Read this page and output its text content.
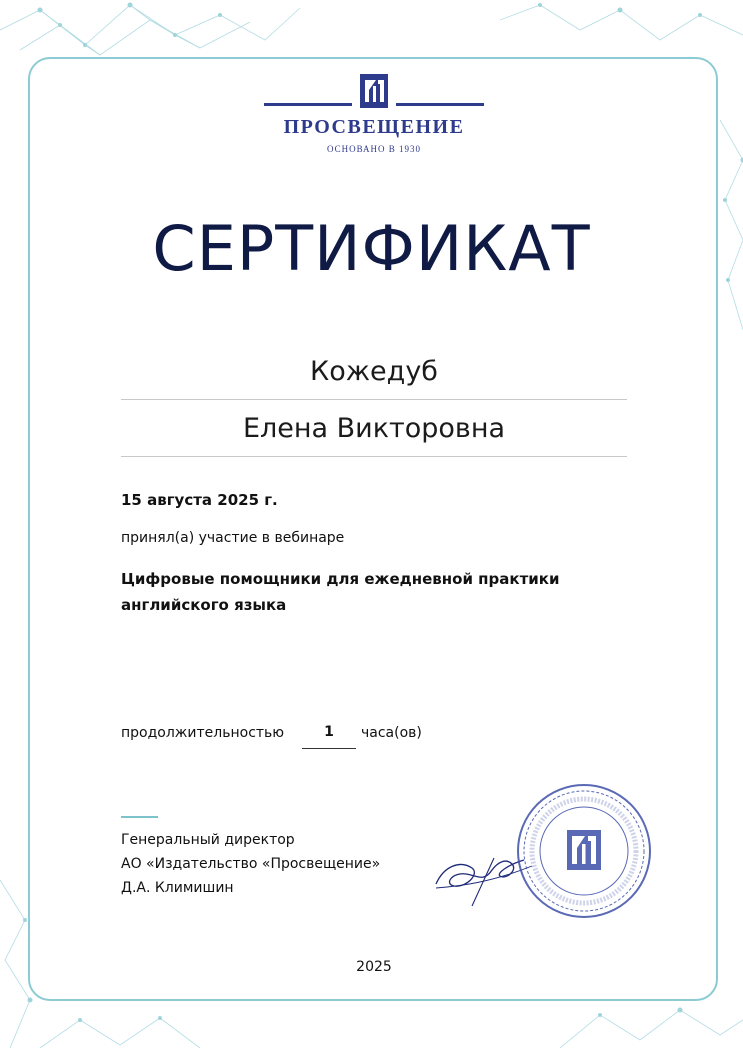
ПРОСВЕЩЕНИЕ
ОСНОВАНО В 1930
СЕРТИФИКАТ
Кожедуб
Елена Викторовна
15 августа 2025 г.
принял(а) участие в вебинаре
Цифровые помощники для ежедневной практики английского языка
продолжительностью	1	часа(ов)
Генеральный директор
АО «Издательство «Просвещение»
Д.А. Климишин
2025
